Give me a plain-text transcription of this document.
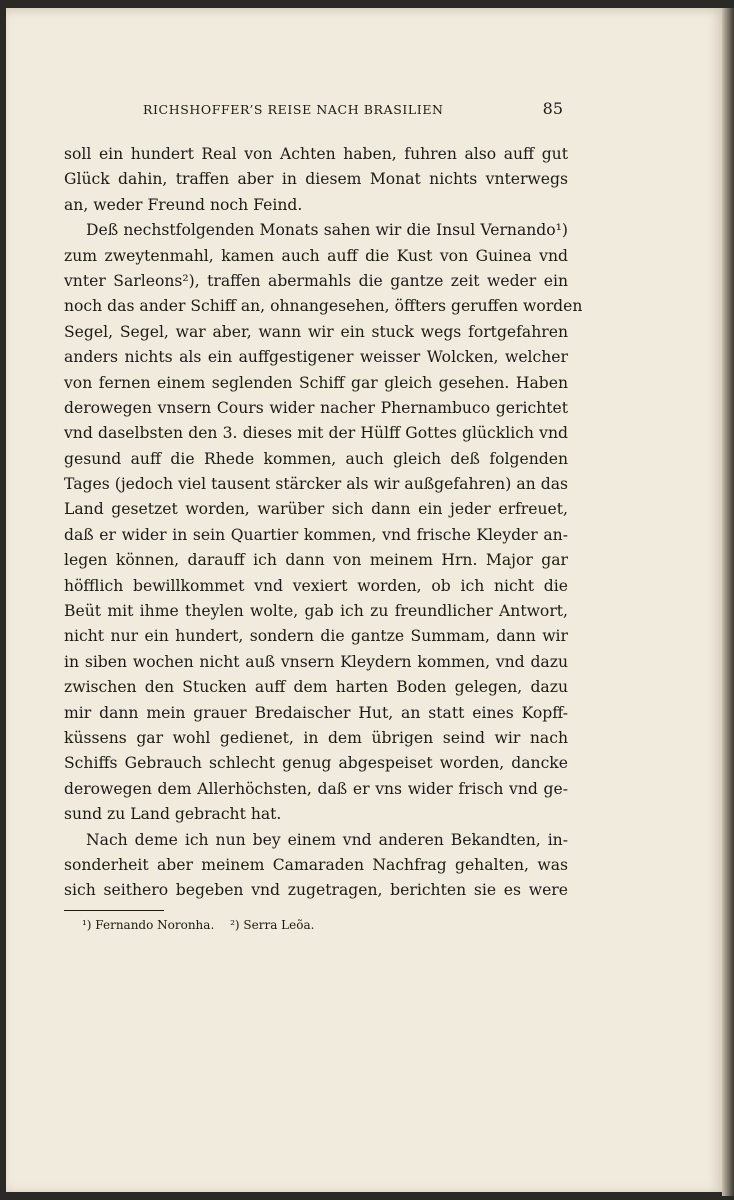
RICHSHOFFER’S REISE NACH BRASILIEN	85
soll ein hundert Real von Achten haben, fuhren also auff gut
Glück dahin, traffen aber in diesem Monat nichts vnterwegs
an, weder Freund noch Feind.
Deß nechstfolgenden Monats sahen wir die Insul Vernando¹)
zum zweytenmahl, kamen auch auff die Kust von Guinea vnd
vnter Sarleons²), traffen abermahls die gantze zeit weder ein
noch das ander Schiff an, ohnangesehen, öffters geruffen worden
Segel, Segel, war aber, wann wir ein stuck wegs fortgefahren
anders nichts als ein auffgestigener weisser Wolcken, welcher
von fernen einem seglenden Schiff gar gleich gesehen. Haben
derowegen vnsern Cours wider nacher Phernambuco gerichtet
vnd daselbsten den 3. dieses mit der Hülff Gottes glücklich vnd
gesund auff die Rhede kommen, auch gleich deß folgenden
Tages (jedoch viel tausent stärcker als wir außgefahren) an das
Land gesetzet worden, warüber sich dann ein jeder erfreuet,
daß er wider in sein Quartier kommen, vnd frische Kleyder an-
legen können, darauff ich dann von meinem Hrn. Major gar
höfflich bewillkommet vnd vexiert worden, ob ich nicht die
Beüt mit ihme theylen wolte, gab ich zu freundlicher Antwort,
nicht nur ein hundert, sondern die gantze Summam, dann wir
in siben wochen nicht auß vnsern Kleydern kommen, vnd dazu
zwischen den Stucken auff dem harten Boden gelegen, dazu
mir dann mein grauer Bredaischer Hut, an statt eines Kopff-
küssens gar wohl gedienet, in dem übrigen seind wir nach
Schiffs Gebrauch schlecht genug abgespeiset worden, dancke
derowegen dem Allerhöchsten, daß er vns wider frisch vnd ge-
sund zu Land gebracht hat.
Nach deme ich nun bey einem vnd anderen Bekandten, in-
sonderheit aber meinem Camaraden Nachfrag gehalten, was
sich seithero begeben vnd zugetragen, berichten sie es were
¹) Fernando Noronha. ²) Serra Leõa.
